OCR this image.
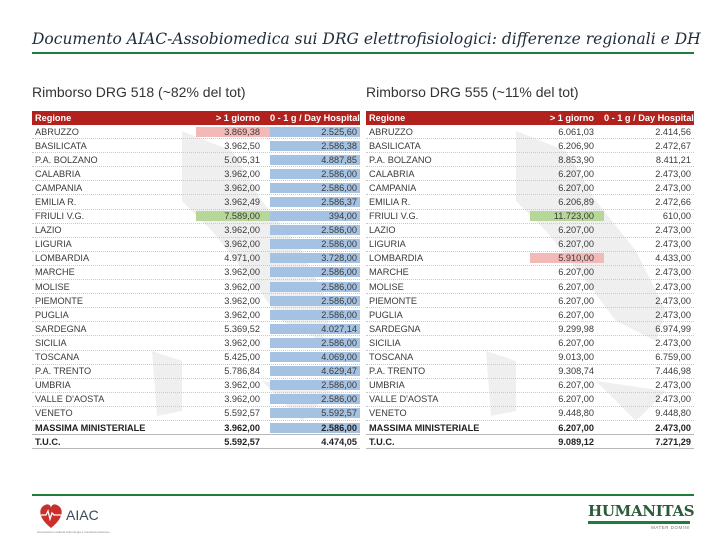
Documento AIAC-Assobiomedica sui DRG elettrofisiologici: differenze regionali e DH
Rimborso DRG 518 (~82% del tot)	Rimborso DRG 555 (~11% del tot)
Regione	> 1 giorno	0 - 1 g / Day Hospital
ABRUZZO	3.869,38	2.525,60
BASILICATA	3.962,50	2.586,38
P.A. BOLZANO	5.005,31	4.887,85
CALABRIA	3.962,00	2.586,00
CAMPANIA	3.962,00	2.586,00
EMILIA R.	3.962,49	2.586,37
FRIULI V.G.	7.589,00	394,00
LAZIO	3.962,00	2.586,00
LIGURIA	3.962,00	2.586,00
LOMBARDIA	4.971,00	3.728,00
MARCHE	3.962,00	2.586,00
MOLISE	3.962,00	2.586,00
PIEMONTE	3.962,00	2.586,00
PUGLIA	3.962,00	2.586,00
SARDEGNA	5.369,52	4.027,14
SICILIA	3.962,00	2.586,00
TOSCANA	5.425,00	4.069,00
P.A. TRENTO	5.786,84	4.629,47
UMBRIA	3.962,00	2.586,00
VALLE D'AOSTA	3.962,00	2.586,00
VENETO	5.592,57	5.592,57
MASSIMA MINISTERIALE	3.962,00	2.586,00
T.U.C.	5.592,57	4.474,05
Regione	> 1 giorno	0 - 1 g / Day Hospital
ABRUZZO	6.061,03	2.414,56
BASILICATA	6.206,90	2.472,67
P.A. BOLZANO	8.853,90	8.411,21
CALABRIA	6.207,00	2.473,00
CAMPANIA	6.207,00	2.473,00
EMILIA R.	6.206,89	2.472,66
FRIULI V.G.	11.723,00	610,00
LAZIO	6.207,00	2.473,00
LIGURIA	6.207,00	2.473,00
LOMBARDIA	5.910,00	4.433,00
MARCHE	6.207,00	2.473,00
MOLISE	6.207,00	2.473,00
PIEMONTE	6.207,00	2.473,00
PUGLIA	6.207,00	2.473,00
SARDEGNA	9.299,98	6.974,99
SICILIA	6.207,00	2.473,00
TOSCANA	9.013,00	6.759,00
P.A. TRENTO	9.308,74	7.446,98
UMBRIA	6.207,00	2.473,00
VALLE D'AOSTA	6.207,00	2.473,00
VENETO	9.448,80	9.448,80
MASSIMA MINISTERIALE	6.207,00	2.473,00
T.U.C.	9.089,12	7.271,29
AIAC
Associazione Italiana Aritmologia e Cardiostimolazione
HUMANITAS
MATER DOMINI
